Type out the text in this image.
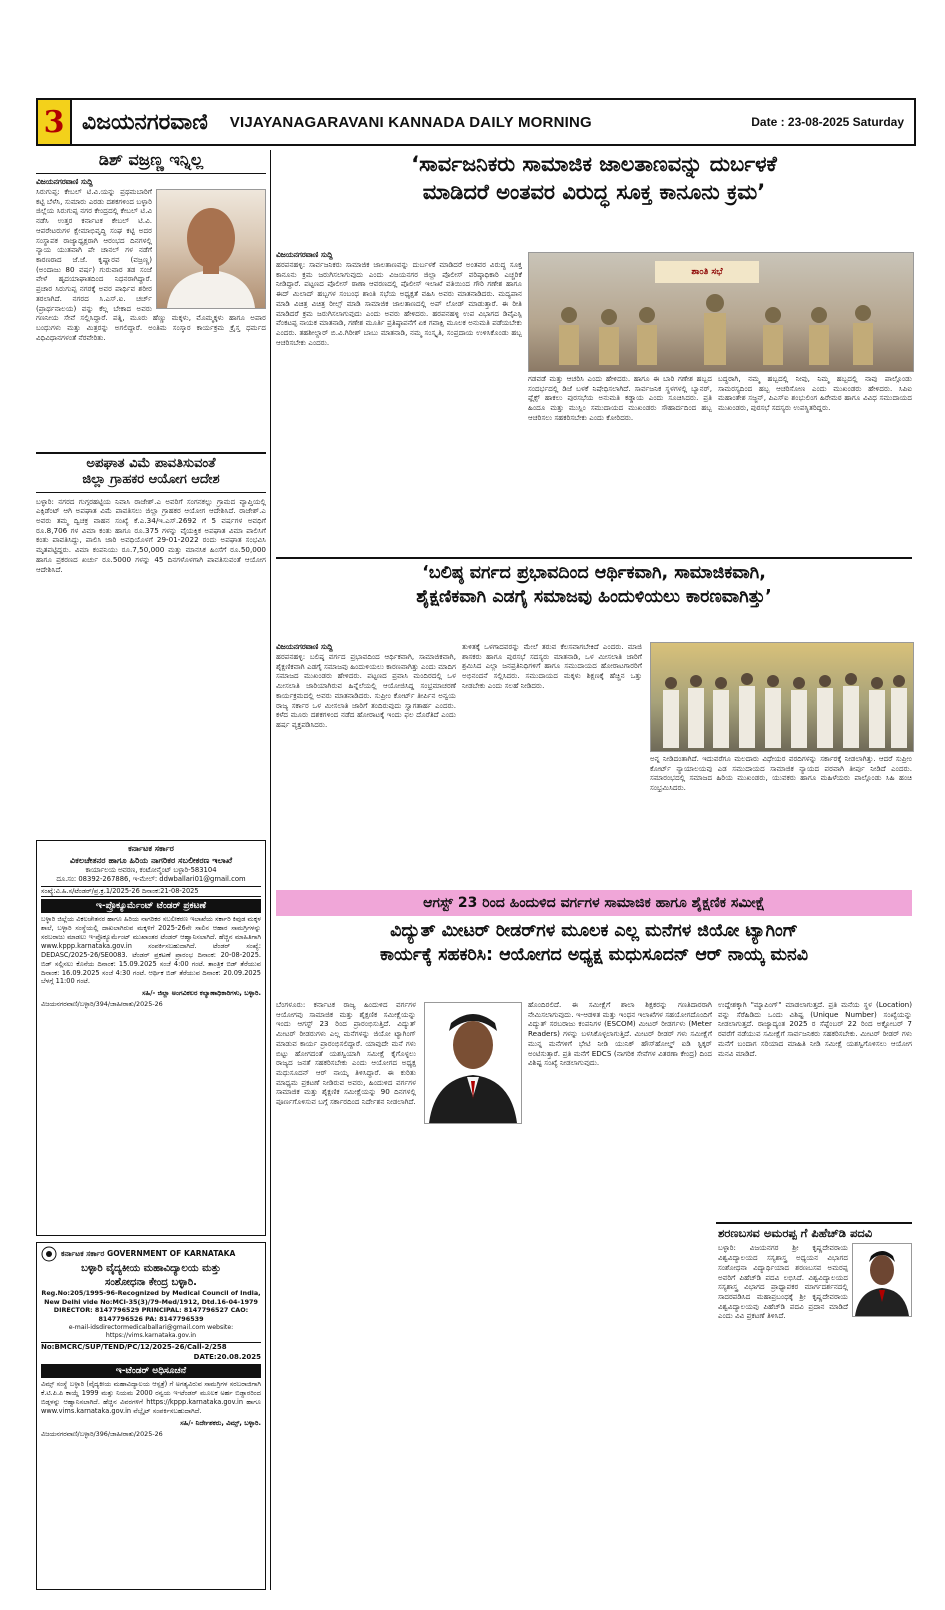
3 ವಿಜಯನಗರವಾಣಿ VIJAYANAGARAVANI KANNADA DAILY MORNING	Date : 23-08-2025 Saturday
ಡಿಶ್ ವಜ್ರಣ್ಣ ಇನ್ನಿಲ್ಲ
ವಿಜಯನಗರವಾಣಿ ಸುದ್ದಿ
ಸಿರುಗುಪ್ಪ: ಕೇಬಲ್ ಟಿ.ವಿ.ಯನ್ನು ಪ್ರಥಮಬಾರಿಗೆ ಕಟ್ಟಿ ಬೆಳೆಸಿ, ಸುಮಾರು ಎರಡು ದಶಕಗಳಿಂದ ಬಳ್ಳಾರಿ ಜಿಲ್ಲೆಯ ಸಿರುಗುಪ್ಪ ನಗರ ಕೇಂದ್ರದಲ್ಲಿ ಕೇಬಲ್ ಟಿ.ವಿ ನಡೆಸಿ ಉತ್ತರ ಕರ್ನಾಟಕ ಕೇಬಲ್ ಟಿ.ವಿ. ಆಪರೇಟರುಗಳ ಕ್ಷೇಮಾಭಿವೃದ್ಧಿ ಸಂಘ ಕಟ್ಟಿ ಅದರ ಸಂಸ್ಥಾಪಕ ರಾಜ್ಯಾಧ್ಯಕ್ಷರಾಗಿ ಆರಂಭದ ದಿನಗಳಲ್ಲಿ ನ್ಯಾಯ ಯುತವಾಗಿ ಪೇ ಚಾನಲ್ ಗಳ ನಡೆಗೆ ಕಾರಣರಾದ ಜೆ.ಜೆ. ಕೃಷ್ಣಾರವ (ವಜ್ರಣ್ಣ) (ಅಂದಾಜು 80 ವರ್ಷ) ಗುರುವಾರ ತಡ ಸಂಜೆ ವೇಳೆ ಹೃದಯಾಘಾತದಿಂದ ನಿಧನರಾಗಿದ್ದಾರೆ. ಪ್ರಚಾರ ಸಿರುಗುಪ್ಪ ನಗರಕ್ಕೆ ಅವರ ಪಾರ್ಥಿವ ಶರೀರ ತರಲಾಗಿದೆ. ನಗರದ ಸಿ.ಎಸ್.ಐ. ಚರ್ಚ್ (ಪ್ರಾರ್ಥನಾಲಯ) ವನ್ನು ಕೆಲ್ಲ ಬೇಕಾದ ಅವರು ಗಣನೀಯ ಸೇವೆ ಸಲ್ಲಿಸಿದ್ದಾರೆ. ಪತ್ನಿ, ಮೂರು ಹೆಣ್ಣು ಮಕ್ಕಳು, ಮೊಮ್ಮಕ್ಕಳು ಹಾಗೂ ಅಪಾರ ಬಂಧುಗಳು ಮತ್ತು ಮಿತ್ರರನ್ನು ಅಗಲಿದ್ದಾರೆ. ಅಂತಿಮ ಸಂಸ್ಕಾರ ಕಾರ್ಯಕ್ರಮ ಕ್ರೈಸ್ತ ಧರ್ಮದ ವಿಧಿವಿಧಾನಗಳಂತೆ ನೆರವೇರಿತು.
ಅಪಘಾತ ವಿಮೆ ಪಾವತಿಸುವಂತೆ
ಜಿಲ್ಲಾ ಗ್ರಾಹಕರ ಆಯೋಗ ಆದೇಶ
ಬಳ್ಳಾರಿ: ನಗರದ ಗುಗ್ಗರಹಟ್ಟಿಯ ನಿವಾಸಿ ರಾಜೇಶ್.ಎ ಅವರಿಗೆ ಸಂಗನಕಲ್ಲು ಗ್ರಾಮದ ವ್ಯಾಪ್ತಿಯಲ್ಲಿ ಎಕ್ಸಿಡೆಂಟ್ ಆಗಿ ಅಪಘಾತ ವಿಮೆ ಪಾವತಿಸಲು ಜಿಲ್ಲಾ ಗ್ರಾಹಕರ ಆಯೋಗ ಆದೇಶಿಸಿದೆ. ರಾಜೇಶ್.ಎ ಅವರು ತಮ್ಮ ದ್ವಿಚಕ್ರ ವಾಹನ ಸಂಖ್ಯೆ ಕೆ.ಎ.34/ಇ.ಎಸ್.2692 ಗೆ 5 ವರ್ಷಗಳ ಅವಧಿಗೆ ರೂ.8,706 ಗಳ ವಿಮಾ ಕಂತು ಹಾಗೂ ರೂ.375 ಗಳನ್ನು ವೈಯಕ್ತಿಕ ಅಪಘಾತ ವಿಮಾ ಪಾಲಿಸಿಗೆ ಕಂತು ಪಾವತಿಸಿದ್ದು, ಪಾಲಿಸಿ ಜಾರಿ ಅವಧಿಯೊಳಗೆ 29-01-2022 ರಂದು ಅಪಘಾತ ಸಂಭವಿಸಿ ಮೃತಪಟ್ಟಿದ್ದರು. ವಿಮಾ ಕಂಪನಿಯು ರೂ.7,50,000 ಮತ್ತು ಮಾನಸಿಕ ಹಿಂಸೆಗೆ ರೂ.50,000 ಹಾಗೂ ಪ್ರಕರಣದ ಖರ್ಚು ರೂ.5000 ಗಳನ್ನು 45 ದಿನಗಳೊಳಗಾಗಿ ಪಾವತಿಸುವಂತೆ ಆಯೋಗ ಆದೇಶಿಸಿದೆ.
ಕರ್ನಾಟಕ ಸರ್ಕಾರ
ವಿಕಲಚೇತನರ ಹಾಗೂ ಹಿರಿಯ ನಾಗರಿಕರ ಸಬಲೀಕರಣ ಇಲಾಖೆ
ಕಾರ್ಯಾಲಯ ಅವರಣ, ಕಂಟೋನ್ಮೆಂಟ್ ಬಳ್ಳಾರಿ-583104
ದೂ.ಸಂ: 08392-267886, ಇ-ಮೇಲ್: ddwballari01@gmail.com
ಸಂಖ್ಯೆ:ವಿ.ಹಿ.ಸ/ಟೆಂಡರ್/ಪ್ರ.ಕ್ರ.1/2025-26 ದಿನಾಂಕ:21-08-2025
ಇ-ಪ್ರೊಕ್ಯೂರ್ಮೆಂಟ್ ಟೆಂಡರ್ ಪ್ರಕಟಣೆ
ಬಳ್ಳಾರಿ ಜಿಲ್ಲೆಯ ವಿಕಲಚೇತನರ ಹಾಗೂ ಹಿರಿಯ ನಾಗರಿಕರ ಸಬಲೀಕರಣ ಇಲಾಖೆಯ ಸರ್ಕಾರಿ ಕಿವುಡ ಮಕ್ಕಳ ಶಾಲೆ, ಬಳ್ಳಾರಿ ಸಂಸ್ಥೆಯಲ್ಲಿ ದಾಖಲಾಗಿರುವ ಮಕ್ಕಳಿಗೆ 2025-26ನೇ ಸಾಲಿನ ಆಹಾರ ಸಾಮಗ್ರಿಗಳನ್ನು ಸರಬರಾಜು ಮಾಡಲು ಇ-ಪ್ರೊಕ್ಯೂರ್ಮೆಂಟ್ ಮುಖಾಂತರ ಟೆಂಡರ್ ಆಹ್ವಾನಿಸಲಾಗಿದೆ. ಹೆಚ್ಚಿನ ಮಾಹಿತಿಗಾಗಿ www.kppp.karnataka.gov.in ಸಂಪರ್ಕಿಸಬಹುದಾಗಿದೆ. ಟೆಂಡರ್ ಸಂಖ್ಯೆ: DEDASC/2025-26/SE0083. ಟೆಂಡರ್ ಪ್ರಕಟಣೆ ಪ್ರಾರಂಭ ದಿನಾಂಕ: 20-08-2025. ಬಿಡ್ ಸಲ್ಲಿಸಲು ಕೊನೆಯ ದಿನಾಂಕ: 15.09.2025 ಸಂಜೆ 4:00 ಗಂಟೆ. ತಾಂತ್ರಿಕ ಬಿಡ್ ತೆರೆಯುವ ದಿನಾಂಕ: 16.09.2025 ಸಂಜೆ 4:30 ಗಂಟೆ. ಆರ್ಥಿಕ ಬಿಡ್ ತೆರೆಯುವ ದಿನಾಂಕ: 20.09.2025 ಬೆಳಗ್ಗೆ 11:00 ಗಂಟೆ.
ಸಹಿ/- ಜಿಲ್ಲಾ ಅಂಗವಿಕಲರ ಕಲ್ಯಾಣಾಧಿಕಾರಿಗಳು, ಬಳ್ಳಾರಿ.
ವಿಜಯನಗರವಾಣಿ/ಬಳ್ಳಾರಿ/394/ಜಾಹೀರಾತು/2025-26
ಕರ್ನಾಟಕ ಸರ್ಕಾರ GOVERNMENT OF KARNATAKA
ಬಳ್ಳಾರಿ ವೈದ್ಯಕೀಯ ಮಹಾವಿದ್ಯಾಲಯ ಮತ್ತು
ಸಂಶೋಧನಾ ಕೇಂದ್ರ ಬಳ್ಳಾರಿ.
Reg.No:205/1995-96-Recognized by Medical Council of India, New Delhi vide No:MCI-35(3)/79-Med/1912, Dtd.16-04-1979
DIRECTOR: 8147796529 PRINCIPAL: 8147796527 CAO: 8147796526 PA: 8147796539
e-mail-idsdirectormedicalballari@gmail.com website: https://vims.karnataka.gov.in
No:BMCRC/SUP/TEND/PC/12/2025-26/Call-2/258
DATE:20.08.2025
ಇ-ಟೆಂಡರ್ ಅಧಿಸೂಚನೆ
ವಿಮ್ಸ್ ಸಂಸ್ಥೆ ಬಳ್ಳಾರಿ (ವೈದ್ಯಕೀಯ ಮಹಾವಿದ್ಯಾಲಯ ಆಸ್ಪತ್ರೆ) ಗೆ ಅಗತ್ಯವಿರುವ ಸಾಮಗ್ರಿಗಳ ಸರಬರಾಜಿಗಾಗಿ ಕೆ.ಟಿ.ಪಿ.ಪಿ ಕಾಯ್ದೆ 1999 ಮತ್ತು ನಿಯಮ 2000 ರನ್ವಯ ಇ-ಟೆಂಡರ್ ಮೂಲಕ ಅರ್ಹ ಬಿಡ್ದಾರರಿಂದ ಬಿಡ್ಗಳನ್ನು ಆಹ್ವಾನಿಸಲಾಗಿದೆ. ಹೆಚ್ಚಿನ ವಿವರಗಳಿಗೆ https://kppp.karnataka.gov.in ಹಾಗೂ www.vims.karnataka.gov.in ವೆಬ್ಸೈಟ್ ಸಂಪರ್ಕಿಸಬಹುದಾಗಿದೆ.
ಸಹಿ/- ನಿರ್ದೇಶಕರು, ವಿಮ್ಸ್, ಬಳ್ಳಾರಿ.
ವಿಜಯನಗರವಾಣಿ/ಬಳ್ಳಾರಿ/396/ಜಾಹೀರಾತು/2025-26
‘ಸಾರ್ವಜನಿಕರು ಸಾಮಾಜಿಕ ಜಾಲತಾಣವನ್ನು ದುರ್ಬಳಕೆ
ಮಾಡಿದರೆ ಅಂತವರ ವಿರುದ್ಧ ಸೂಕ್ತ ಕಾನೂನು ಕ್ರಮ’
ವಿಜಯನಗರವಾಣಿ ಸುದ್ದಿ
ಹರಪನಹಳ್ಳಿ: ಸಾರ್ವಜನಿಕರು ಸಾಮಾಜಿಕ ಜಾಲತಾಣವನ್ನು ದುರ್ಬಳಕೆ ಮಾಡಿದರೆ ಅಂತವರ ವಿರುದ್ಧ ಸೂಕ್ತ ಕಾನೂನು ಕ್ರಮ ಜರುಗಿಸಲಾಗುವುದು ಎಂದು ವಿಜಯನಗರ ಜಿಲ್ಲಾ ಪೊಲೀಸ್ ವರಿಷ್ಠಾಧಿಕಾರಿ ಎಚ್ಚರಿಕೆ ನೀಡಿದ್ದಾರೆ. ಪಟ್ಟಣದ ಪೊಲೀಸ್ ಠಾಣಾ ಆವರಣದಲ್ಲಿ ಪೊಲೀಸ್ ಇಲಾಖೆ ವತಿಯಿಂದ ಗೌರಿ ಗಣೇಶ ಹಾಗೂ ಈದ್ ಮಿಲಾದ್ ಹಬ್ಬಗಳ ಸಂಬಂಧ ಶಾಂತಿ ಸಭೆಯ ಅಧ್ಯಕ್ಷತೆ ವಹಿಸಿ ಅವರು ಮಾತನಾಡಿದರು. ಮದ್ಯಪಾನ ಮಾಡಿ ವಿಚಿತ್ರ ವಿಚಿತ್ರ ರೀಲ್ಸ್ ಮಾಡಿ ಸಾಮಾಜಿಕ ಜಾಲತಾಣದಲ್ಲಿ ಅಪ್ ಲೋಡ್ ಮಾಡುತ್ತಾರೆ. ಈ ರೀತಿ ಮಾಡಿದರೆ ಕ್ರಮ ಜರುಗಿಸಲಾಗುವುದು ಎಂದು ಅವರು ಹೇಳಿದರು. ಹರಪನಹಳ್ಳಿ ಉಪ ವಿಭಾಗದ ಡಿವೈಎಸ್ಪಿ ವೆಂಕಟಪ್ಪ ನಾಯಕ ಮಾತನಾಡಿ, ಗಣೇಶ ಮೂರ್ತಿ ಪ್ರತಿಷ್ಠಾಪನೆಗೆ ಏಕ ಗವಾಕ್ಷಿ ಮೂಲಕ ಅನುಮತಿ ಪಡೆಯಬೇಕು ಎಂದರು. ತಹಶೀಲ್ದಾರ್ ಬಿ.ವಿ.ಗಿರೀಶ್ ಬಾಬು ಮಾತನಾಡಿ, ನಮ್ಮ ಸಂಸ್ಕೃತಿ, ಸಂಪ್ರದಾಯ ಉಳಿಸಿಕೊಂಡು ಹಬ್ಬ ಆಚರಿಸಬೇಕು ಎಂದರು.
ಶಾಂತಿ ಸಭೆ
ಗಡವಡೆ ಮತ್ತು ಆಚರಿಸಿ ಎಂದು ಹೇಳಿದರು. ಹಾಗೂ ಈ ಬಾರಿ ಗಣೇಶ ಹಬ್ಬದ ಸಂದರ್ಭದಲ್ಲಿ ಡಿಜೆ ಬಳಕೆ ನಿಷೇಧಿಸಲಾಗಿದೆ. ಸಾರ್ವಜನಿಕ ಸ್ಥಳಗಳಲ್ಲಿ ಬ್ಯಾನರ್, ಫ್ಲೆಕ್ಸ್ ಹಾಕಲು ಪುರಸಭೆಯ ಅನುಮತಿ ಕಡ್ಡಾಯ ಎಂದು ಸೂಚಿಸಿದರು. ಪ್ರತಿ ಹಿಂದೂ ಮತ್ತು ಮುಸ್ಲಿಂ ಸಮುದಾಯದ ಮುಖಂಡರು ಸೌಹಾರ್ದದಿಂದ ಹಬ್ಬ ಆಚರಿಸಲು ಸಹಕರಿಸಬೇಕು ಎಂದು ಕೋರಿದರು.
ಬದ್ಧರಾಗಿ, ನಮ್ಮ ಹಬ್ಬದಲ್ಲಿ ನೀವು, ನಿಮ್ಮ ಹಬ್ಬದಲ್ಲಿ ನಾವು ಪಾಲ್ಗೊಂಡು ಸಾಮರಸ್ಯದಿಂದ ಹಬ್ಬ ಆಚರಿಸೋಣ ಎಂದು ಮುಖಂಡರು ಹೇಳಿದರು. ಸಿಪಿಐ ಮಹಾಂತೇಶ ಸಜ್ಜನ್, ಪಿಎಸ್ಐ ಶಂಭುಲಿಂಗ ಹಿರೇಮಠ ಹಾಗೂ ವಿವಿಧ ಸಮುದಾಯದ ಮುಖಂಡರು, ಪುರಸಭೆ ಸದಸ್ಯರು ಉಪಸ್ಥಿತರಿದ್ದರು.
‘ಬಲಿಷ್ಠ ವರ್ಗದ ಪ್ರಭಾವದಿಂದ ಆರ್ಥಿಕವಾಗಿ, ಸಾಮಾಜಿಕವಾಗಿ,
ಶೈಕ್ಷಣಿಕವಾಗಿ ಎಡಗೈ ಸಮಾಜವು ಹಿಂದುಳಿಯಲು ಕಾರಣವಾಗಿತ್ತು’
ವಿಜಯನಗರವಾಣಿ ಸುದ್ದಿ
ಹರಪನಹಳ್ಳಿ: ಬಲಿಷ್ಠ ವರ್ಗದ ಪ್ರಭಾವದಿಂದ ಆರ್ಥಿಕವಾಗಿ, ಸಾಮಾಜಿಕವಾಗಿ, ಶೈಕ್ಷಣಿಕವಾಗಿ ಎಡಗೈ ಸಮಾಜವು ಹಿಂದುಳಿಯಲು ಕಾರಣವಾಗಿತ್ತು ಎಂದು ಮಾದಿಗ ಸಮಾಜದ ಮುಖಂಡರು ಹೇಳಿದರು. ಪಟ್ಟಣದ ಪ್ರವಾಸಿ ಮಂದಿರದಲ್ಲಿ ಒಳ ಮೀಸಲಾತಿ ಜಾರಿಯಾಗಿರುವ ಹಿನ್ನೆಲೆಯಲ್ಲಿ ಆಯೋಜಿಸಿದ್ದ ಸಂಭ್ರಮಾಚರಣೆ ಕಾರ್ಯಕ್ರಮದಲ್ಲಿ ಅವರು ಮಾತನಾಡಿದರು. ಸುಪ್ರೀಂ ಕೋರ್ಟ್ ತೀರ್ಪಿನ ಅನ್ವಯ ರಾಜ್ಯ ಸರ್ಕಾರ ಒಳ ಮೀಸಲಾತಿ ಜಾರಿಗೆ ತಂದಿರುವುದು ಸ್ವಾಗತಾರ್ಹ ಎಂದರು. ಕಳೆದ ಮೂರು ದಶಕಗಳಿಂದ ನಡೆದ ಹೋರಾಟಕ್ಕೆ ಇಂದು ಫಲ ದೊರೆತಿದೆ ಎಂದು ಹರ್ಷ ವ್ಯಕ್ತಪಡಿಸಿದರು.
ತುಳಿತಕ್ಕೆ ಒಳಗಾದವರನ್ನು ಮೇಲೆ ತರುವ ಕೆಲಸವಾಗಬೇಕಿದೆ ಎಂದರು. ಮಾಜಿ ಶಾಸಕರು ಹಾಗೂ ಪುರಸಭೆ ಸದಸ್ಯರು ಮಾತನಾಡಿ, ಒಳ ಮೀಸಲಾತಿ ಜಾರಿಗೆ ಶ್ರಮಿಸಿದ ಎಲ್ಲಾ ಜನಪ್ರತಿನಿಧಿಗಳಿಗೆ ಹಾಗೂ ಸಮುದಾಯದ ಹೋರಾಟಗಾರರಿಗೆ ಅಭಿನಂದನೆ ಸಲ್ಲಿಸಿದರು. ಸಮುದಾಯದ ಮಕ್ಕಳು ಶಿಕ್ಷಣಕ್ಕೆ ಹೆಚ್ಚಿನ ಒತ್ತು ನೀಡಬೇಕು ಎಂದು ಸಲಹೆ ನೀಡಿದರು.
ಅನ್ನ ನೀಡಿದಂತಾಗಿದೆ. ಇದುವರೆಗೂ ಮಲದಾರು ವಿಧೇಯರ ವರದಿಗಳನ್ನು ಸರ್ಕಾರಕ್ಕೆ ನೀಡಲಾಗಿತ್ತು. ಆದರೆ ಸುಪ್ರೀಂ ಕೋರ್ಟ್ ನ್ಯಾಯಾಲಯವು ಎಡ ಸಮುದಾಯದ ಸಾಮಾಜಿಕ ನ್ಯಾಯದ ಪರವಾಗಿ ತೀರ್ಪು ನೀಡಿದೆ ಎಂದರು. ಸಮಾರಂಭದಲ್ಲಿ ಸಮಾಜದ ಹಿರಿಯ ಮುಖಂಡರು, ಯುವಕರು ಹಾಗೂ ಮಹಿಳೆಯರು ಪಾಲ್ಗೊಂಡು ಸಿಹಿ ಹಂಚಿ ಸಂಭ್ರಮಿಸಿದರು.
ಆಗಸ್ಟ್ 23 ರಿಂದ ಹಿಂದುಳಿದ ವರ್ಗಗಳ ಸಾಮಾಜಿಕ ಹಾಗೂ ಶೈಕ್ಷಣಿಕ ಸಮೀಕ್ಷೆ
ವಿದ್ಯುತ್ ಮೀಟರ್ ರೀಡರ್‌ಗಳ ಮೂಲಕ ಎಲ್ಲ ಮನೆಗಳ ಜಿಯೋ ಟ್ಯಾಗಿಂಗ್
ಕಾರ್ಯಕ್ಕೆ ಸಹಕರಿಸಿ: ಆಯೋಗದ ಅಧ್ಯಕ್ಷ ಮಧುಸೂದನ್ ಆರ್ ನಾಯ್ಕ ಮನವಿ
ಬೆಂಗಳೂರು: ಕರ್ನಾಟಕ ರಾಜ್ಯ ಹಿಂದುಳಿದ ವರ್ಗಗಳ ಆಯೋಗವು ಸಾಮಾಜಿಕ ಮತ್ತು ಶೈಕ್ಷಣಿಕ ಸಮೀಕ್ಷೆಯನ್ನು ಇಂದು ಆಗಸ್ಟ್ 23 ರಿಂದ ಪ್ರಾರಂಭಿಸುತ್ತಿದೆ. ವಿದ್ಯುತ್ ಮೀಟರ್ ರೀಡರುಗಳು ಎಲ್ಲ ಮನೆಗಳನ್ನು ಜಿಯೋ ಟ್ಯಾಗಿಂಗ್ ಮಾಡುವ ಕಾರ್ಯ ಪ್ರಾರಂಭಿಸಲಿದ್ದಾರೆ. ಯಾವುದೇ ಮನೆ ಗಳು ಬಿಟ್ಟು ಹೋಗದಂತೆ ಯಶಸ್ವಿಯಾಗಿ ಸಮೀಕ್ಷೆ ಕೈಗೊಳ್ಳಲು ರಾಜ್ಯದ ಜನತೆ ಸಹಕರಿಸಬೇಕು ಎಂದು ಆಯೋಗದ ಅಧ್ಯಕ್ಷ ಮಧುಸೂದನ್ ಆರ್ ನಾಯ್ಕ ತಿಳಿಸಿದ್ದಾರೆ. ಈ ಕುರಿತು ಮಾಧ್ಯಮ ಪ್ರಕಟಣೆ ನೀಡಿರುವ ಅವರು, ಹಿಂದುಳಿದ ವರ್ಗಗಳ ಸಾಮಾಜಿಕ ಮತ್ತು ಶೈಕ್ಷಣಿಕ ಸಮೀಕ್ಷೆಯನ್ನು 90 ದಿನಗಳಲ್ಲಿ ಪೂರ್ಣಗೊಳಿಸುವ ಬಗ್ಗೆ ಸರ್ಕಾರದಿಂದ ನಿರ್ದೇಶನ ನೀಡಲಾಗಿದೆ.
ಹೊಂದಿರಲಿದೆ. ಈ ಸಮೀಕ್ಷೆಗೆ ಶಾಲಾ ಶಿಕ್ಷಕರನ್ನು ಗಣತಿದಾರರಾಗಿ ನೇಮಿಸಲಾಗುವುದು. ಇ-ಆಡಳಿತ ಮತ್ತು ಇಂಧನ ಇಲಾಖೆಗಳ ಸಹಯೋಗದೊಂದಿಗೆ ವಿದ್ಯುತ್ ಸರಬರಾಜು ಕಂಪನಿಗಳ (ESCOM) ಮೀಟರ್ ರೀಡರ್ಗಳು (Meter Readers) ಗಳನ್ನು ಬಳಸಿಕೊಳ್ಳಲಾಗುತ್ತಿದೆ. ಮೀಟರ್ ರೀಡರ್ ಗಳು ಸಮೀಕ್ಷೆಗೆ ಮುನ್ನ ಮನೆಗಳಿಗೆ ಭೇಟಿ ನೀಡಿ ಯುನಿಕ್ ಹೌಸ್‌ಹೋಲ್ಡ್ ಐಡಿ ಸ್ಟಿಕ್ಕರ್ ಅಂಟಿಸುತ್ತಾರೆ. ಪ್ರತಿ ಮನೆಗೆ EDCS (ನಾಗರಿಕ ಸೇವೆಗಳ ವಿತರಣಾ ಕೇಂದ್ರ) ದಿಂದ ವಿಶಿಷ್ಟ ಸಂಖ್ಯೆ ನೀಡಲಾಗುವುದು.
ಉದ್ದೇಶಕ್ಕಾಗಿ "ಮ್ಯಾಪಿಂಗ್" ಮಾಡಲಾಗುತ್ತದೆ. ಪ್ರತಿ ಮನೆಯ ಸ್ಥಳ (Location) ವನ್ನು ಸೆರೆಹಿಡಿದು ಒಂದು ವಿಶಿಷ್ಟ (Unique Number) ಸಂಖ್ಯೆಯನ್ನು ನೀಡಲಾಗುತ್ತದೆ. ರಾಜ್ಯಾದ್ಯಂತ 2025 ರ ಸೆಪ್ಟೆಂಬರ್ 22 ರಿಂದ ಅಕ್ಟೋಬರ್ 7 ರವರೆಗೆ ನಡೆಯುವ ಸಮೀಕ್ಷೆಗೆ ಸಾರ್ವಜನಿಕರು ಸಹಕರಿಸಬೇಕು. ಮೀಟರ್ ರೀಡರ್ ಗಳು ಮನೆಗೆ ಬಂದಾಗ ಸರಿಯಾದ ಮಾಹಿತಿ ನೀಡಿ ಸಮೀಕ್ಷೆ ಯಶಸ್ವಿಗೊಳಿಸಲು ಆಯೋಗ ಮನವಿ ಮಾಡಿದೆ.
ಶರಣಬಸವ ಅಮರಪ್ಪ ಗೆ ಪಿಹೆಚ್‌ಡಿ ಪದವಿ
ಬಳ್ಳಾರಿ: ವಿಜಯನಗರ ಶ್ರೀ ಕೃಷ್ಣದೇವರಾಯ ವಿಶ್ವವಿದ್ಯಾಲಯದ ಸಸ್ಯಶಾಸ್ತ್ರ ಅಧ್ಯಯನ ವಿಭಾಗದ ಸಂಶೋಧನಾ ವಿದ್ಯಾರ್ಥಿಯಾದ ಶರಣಬಸವ ಅಮರಪ್ಪ ಅವರಿಗೆ ಪಿಹೆಚ್‌ಡಿ ಪದವಿ ಲಭಿಸಿದೆ. ವಿಶ್ವವಿದ್ಯಾಲಯದ ಸಸ್ಯಶಾಸ್ತ್ರ ವಿಭಾಗದ ಪ್ರಾಧ್ಯಾಪಕರ ಮಾರ್ಗದರ್ಶನದಲ್ಲಿ ಸಾದರಪಡಿಸಿದ ಮಹಾಪ್ರಬಂಧಕ್ಕೆ ಶ್ರೀ ಕೃಷ್ಣದೇವರಾಯ ವಿಶ್ವವಿದ್ಯಾಲಯವು ಪಿಹೆಚ್‌ಡಿ ಪದವಿ ಪ್ರದಾನ ಮಾಡಿದೆ ಎಂದು ವಿವಿ ಪ್ರಕಟಣೆ ತಿಳಿಸಿದೆ.
